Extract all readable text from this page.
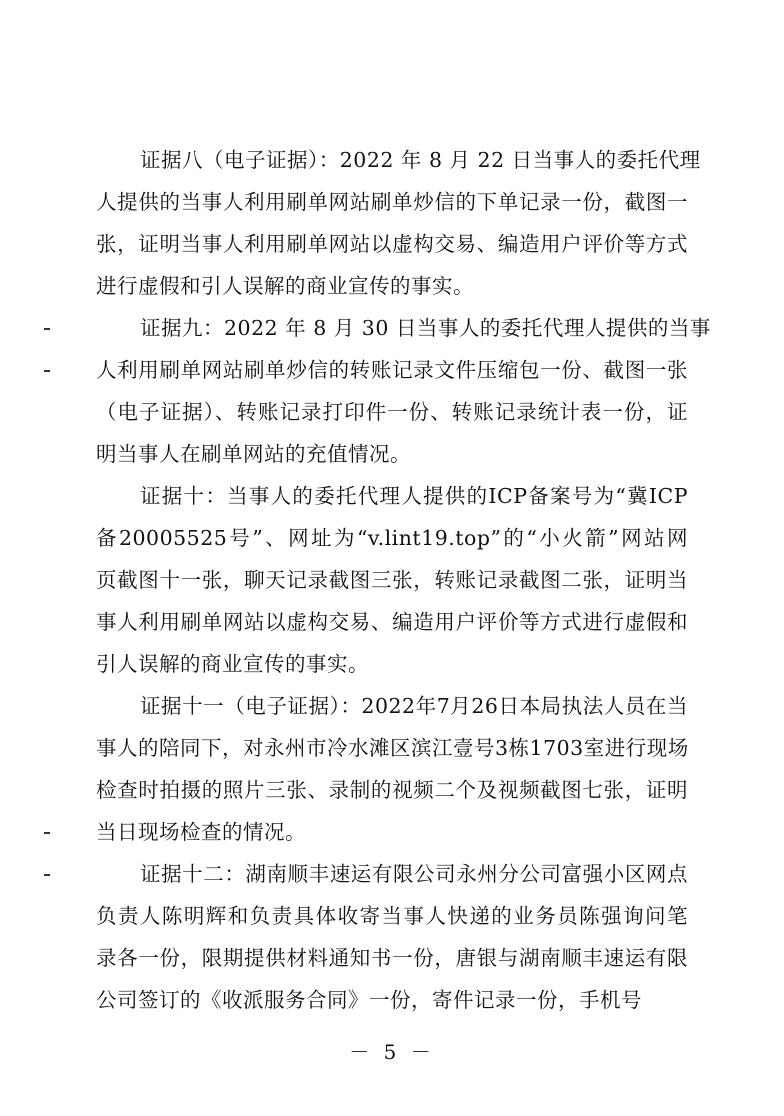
证据八（电子证据）：2022 年 8 月 22 日当事人的委托代理
人提供的当事人利用刷单网站刷单炒信的下单记录一份，截图一
张，证明当事人利用刷单网站以虚构交易、编造用户评价等方式
进行虚假和引人误解的商业宣传的事实。
证据九：2022 年 8 月 30 日当事人的委托代理人提供的当事
人利用刷单网站刷单炒信的转账记录文件压缩包一份、截图一张
（电子证据）、转账记录打印件一份、转账记录统计表一份，证
明当事人在刷单网站的充值情况。
证据十：当事人的委托代理人提供的ICP备案号为“冀ICP
备20005525号”、网址为“v.lint19.top”的“小火箭”网站网
页截图十一张，聊天记录截图三张，转账记录截图二张，证明当
事人利用刷单网站以虚构交易、编造用户评价等方式进行虚假和
引人误解的商业宣传的事实。
证据十一（电子证据）：2022年7月26日本局执法人员在当
事人的陪同下，对永州市冷水滩区滨江壹号3栋1703室进行现场
检查时拍摄的照片三张、录制的视频二个及视频截图七张，证明
当日现场检查的情况。
证据十二：湖南顺丰速运有限公司永州分公司富强小区网点
负责人陈明辉和负责具体收寄当事人快递的业务员陈强询问笔
录各一份，限期提供材料通知书一份，唐银与湖南顺丰速运有限
公司签订的《收派服务合同》一份，寄件记录一份，手机号
－ 5 －
